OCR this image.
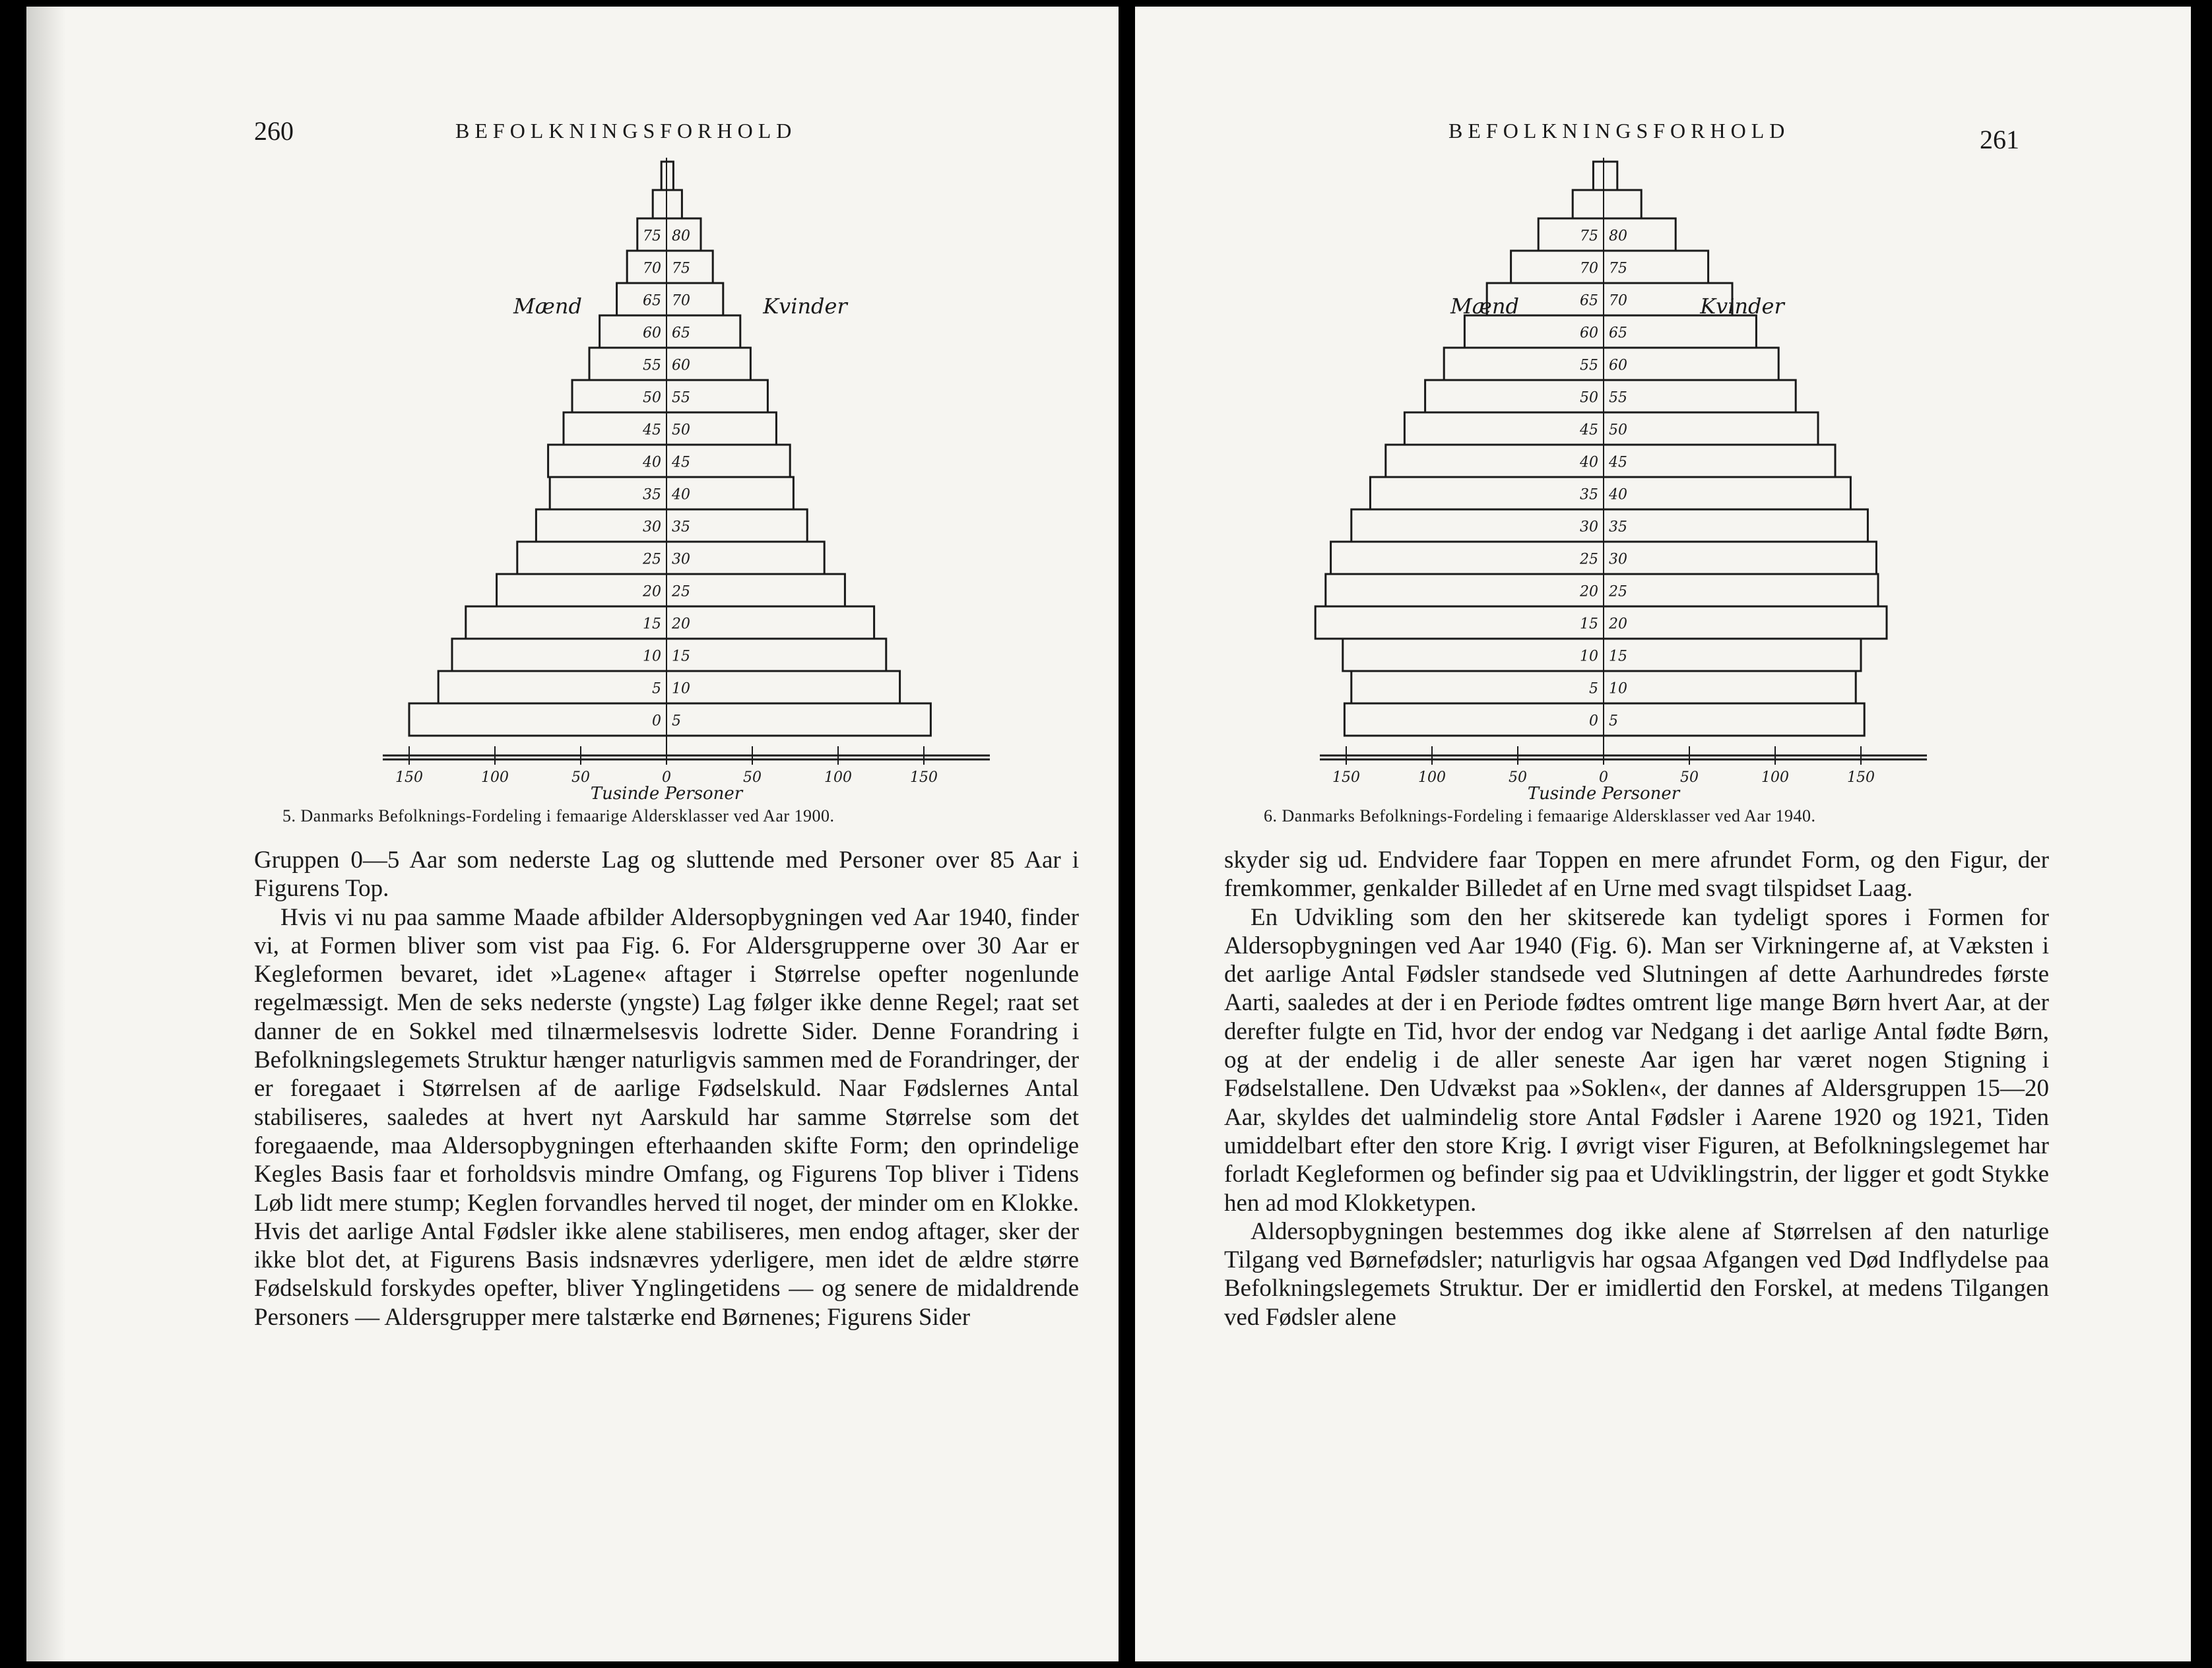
260	BEFOLKNINGSFORHOLD
0 5
5 10
10 15
15 20
20 25
25 30
30 35
35 40
40 45
45 50
50 55
55 60
60 65
65 70
70 75
75 80
150	100	50	0	50	100	150
Tusinde Personer
Mænd	Kvinder
5. Danmarks Befolknings-Fordeling i femaarige Aldersklasser ved Aar 1900.

Gruppen 0—5 Aar som nederste Lag og sluttende med Personer over 85 Aar i Figurens Top.

Hvis vi nu paa samme Maade afbilder Aldersopbygningen ved Aar 1940, finder vi, at Formen bliver som vist paa Fig. 6. For Aldersgrupperne over 30 Aar er Kegleformen bevaret, idet »Lagene« aftager i Størrelse opefter nogenlunde regelmæssigt. Men de seks nederste (yngste) Lag følger ikke denne Regel; raat set danner de en Sokkel med tilnærmelsesvis lodrette Sider. Denne Forandring i Befolkningslegemets Struktur hænger naturligvis sammen med de Forandringer, der er foregaaet i Størrelsen af de aarlige Fødselskuld. Naar Fødslernes Antal stabiliseres, saaledes at hvert nyt Aarskuld har samme Størrelse som det foregaaende, maa Aldersopbygningen efterhaanden skifte Form; den oprindelige Kegles Basis faar et forholdsvis mindre Omfang, og Figurens Top bliver i Tidens Løb lidt mere stump; Keglen forvandles herved til noget, der minder om en Klokke. Hvis det aarlige Antal Fødsler ikke alene stabiliseres, men endog aftager, sker der ikke blot det, at Figurens Basis indsnævres yderligere, men idet de ældre større Fødselskuld forskydes opefter, bliver Ynglingetidens — og senere de midaldrende Personers — Aldersgrupper mere talstærke end Børnenes; Figurens Sider

BEFOLKNINGSFORHOLD	261
0 5
5 10
10 15
15 20
20 25
25 30
30 35
35 40
40 45
45 50
50 55
55 60
60 65
65 70
70 75
75 80
150	100	50	0	50	100	150
Tusinde Personer
Mænd	Kvinder
6. Danmarks Befolknings-Fordeling i femaarige Aldersklasser ved Aar 1940.

skyder sig ud. Endvidere faar Toppen en mere afrundet Form, og den Figur, der fremkommer, genkalder Billedet af en Urne med svagt tilspidset Laag.

En Udvikling som den her skitserede kan tydeligt spores i Formen for Aldersopbygningen ved Aar 1940 (Fig. 6). Man ser Virkningerne af, at Væksten i det aarlige Antal Fødsler standsede ved Slutningen af dette Aarhundredes første Aarti, saaledes at der i en Periode fødtes omtrent lige mange Børn hvert Aar, at der derefter fulgte en Tid, hvor der endog var Nedgang i det aarlige Antal fødte Børn, og at der endelig i de aller seneste Aar igen har været nogen Stigning i Fødselstallene. Den Udvækst paa »Soklen«, der dannes af Aldersgruppen 15—20 Aar, skyldes det ualmindelig store Antal Fødsler i Aarene 1920 og 1921, Tiden umiddelbart efter den store Krig. I øvrigt viser Figuren, at Befolkningslegemet har forladt Kegleformen og befinder sig paa et Udviklingstrin, der ligger et godt Stykke hen ad mod Klokketypen.

Aldersopbygningen bestemmes dog ikke alene af Størrelsen af den naturlige Tilgang ved Børnefødsler; naturligvis har ogsaa Afgangen ved Død Indflydelse paa Befolkningslegemets Struktur. Der er imidlertid den Forskel, at medens Tilgangen ved Fødsler alene
